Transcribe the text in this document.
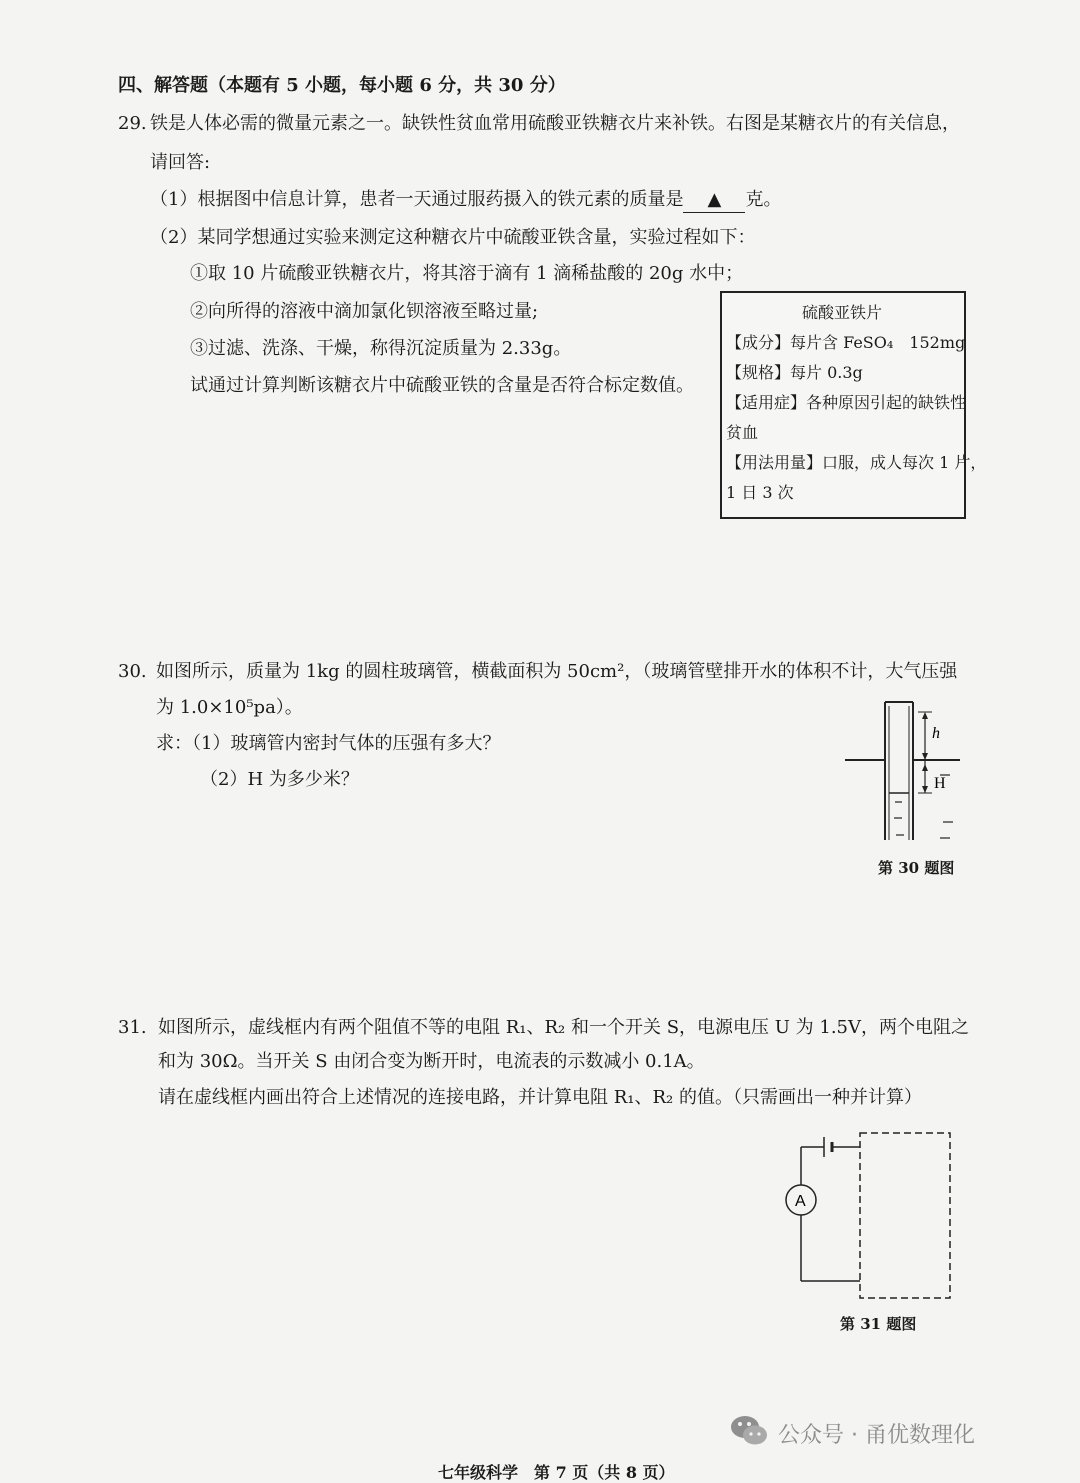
四、解答题（本题有 5 小题，每小题 6 分，共 30 分）
29. 铁是人体必需的微量元素之一。缺铁性贫血常用硫酸亚铁糖衣片来补铁。右图是某糖衣片的有关信息，
请回答:
（1）根据图中信息计算，患者一天通过服药摄入的铁元素的质量是 ▲ 克。
（2）某同学想通过实验来测定这种糖衣片中硫酸亚铁含量，实验过程如下：
①取 10 片硫酸亚铁糖衣片，将其溶于滴有 1 滴稀盐酸的 20g 水中；
②向所得的溶液中滴加氯化钡溶液至略过量;
③过滤、洗涤、干燥，称得沉淀质量为 2.33g。
试通过计算判断该糖衣片中硫酸亚铁的含量是否符合标定数值。
硫酸亚铁片
【成分】每片含 FeSO₄　152mg
【规格】每片 0.3g
【适用症】各种原因引起的缺铁性
贫血
【用法用量】口服，成人每次 1 片，
1 日 3 次
30. 如图所示，质量为 1kg 的圆柱玻璃管，横截面积为 50cm²，（玻璃管壁排开水的体积不计，大气压强
为 1.0×10⁵pa）。
求：（1）玻璃管内密封气体的压强有多大？
（2）H 为多少米？
h
H
第 30 题图
31. 如图所示，虚线框内有两个阻值不等的电阻 R₁、R₂ 和一个开关 S，电源电压 U 为 1.5V，两个电阻之
和为 30Ω。当开关 S 由闭合变为断开时，电流表的示数减小 0.1A。
请在虚线框内画出符合上述情况的连接电路，并计算电阻 R₁、R₂ 的值。（只需画出一种并计算）
A
第 31 题图
公众号 · 甬优数理化
七年级科学　第 7 页（共 8 页）
